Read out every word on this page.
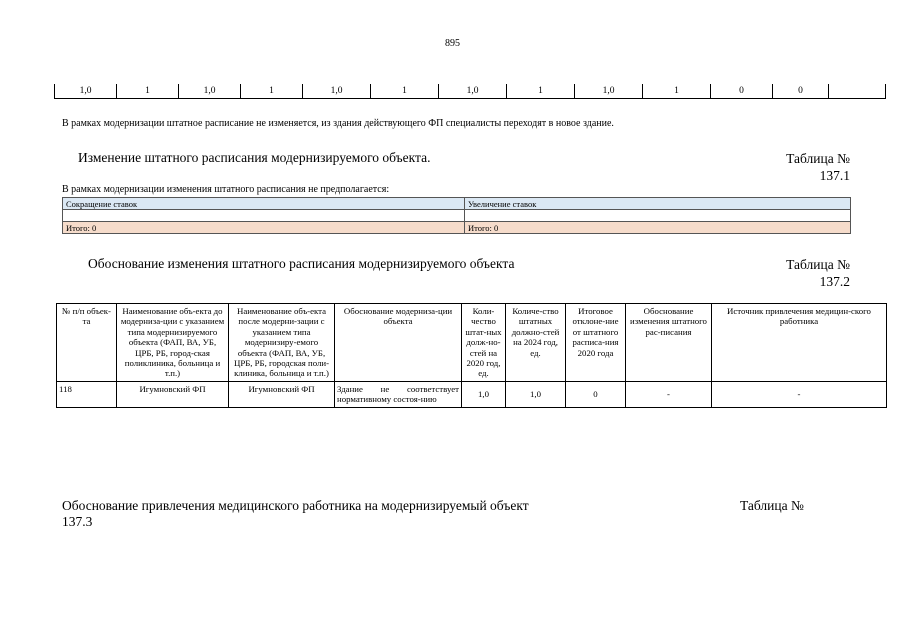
895
1,0	1	1,0	1	1,0	1	1,0	1	1,0	1	0	0	
В рамках модернизации штатное расписание не изменяется, из здания действующего ФП специалисты переходят в новое здание.
Изменение штатного расписания модернизируемого объекта.	Таблица №
137.1
В рамках модернизации изменения штатного расписания не предполагается:
Сокращение ставок	Увеличение ставок

Итого: 0	Итого: 0
Обоснование изменения штатного расписания модернизируемого объекта	Таблица №
137.2
№ п/п объек-та	Наименование объ-екта до модерниза-ции с указанием типа модернизируемого объекта (ФАП, ВА, УБ, ЦРБ, РБ, город-ская поликлиника, больница и т.п.)	Наименование объ-екта после модерни-зации с указанием типа модернизиру-емого объекта (ФАП, ВА, УБ, ЦРБ, РБ, городская поли-клиника, больница и т.п.)	Обоснование модерниза-ции объекта	Коли-чество штат-ных долж-но-стей на 2020 год, ед.	Количе-ство штатных должно-стей на 2024 год, ед.	Итоговое отклоне-ние от штатного расписа-ния 2020 года	Обоснование изменения штатного рас-писания	Источник привлечения медицин-ского работника
118	Игумновский ФП	Игумновский ФП	Здание не соответствует нормативному состоя-нию	1,0	1,0	0	-	-
Обоснование привлечения медицинского работника на модернизируемый объект	Таблица №
137.3
